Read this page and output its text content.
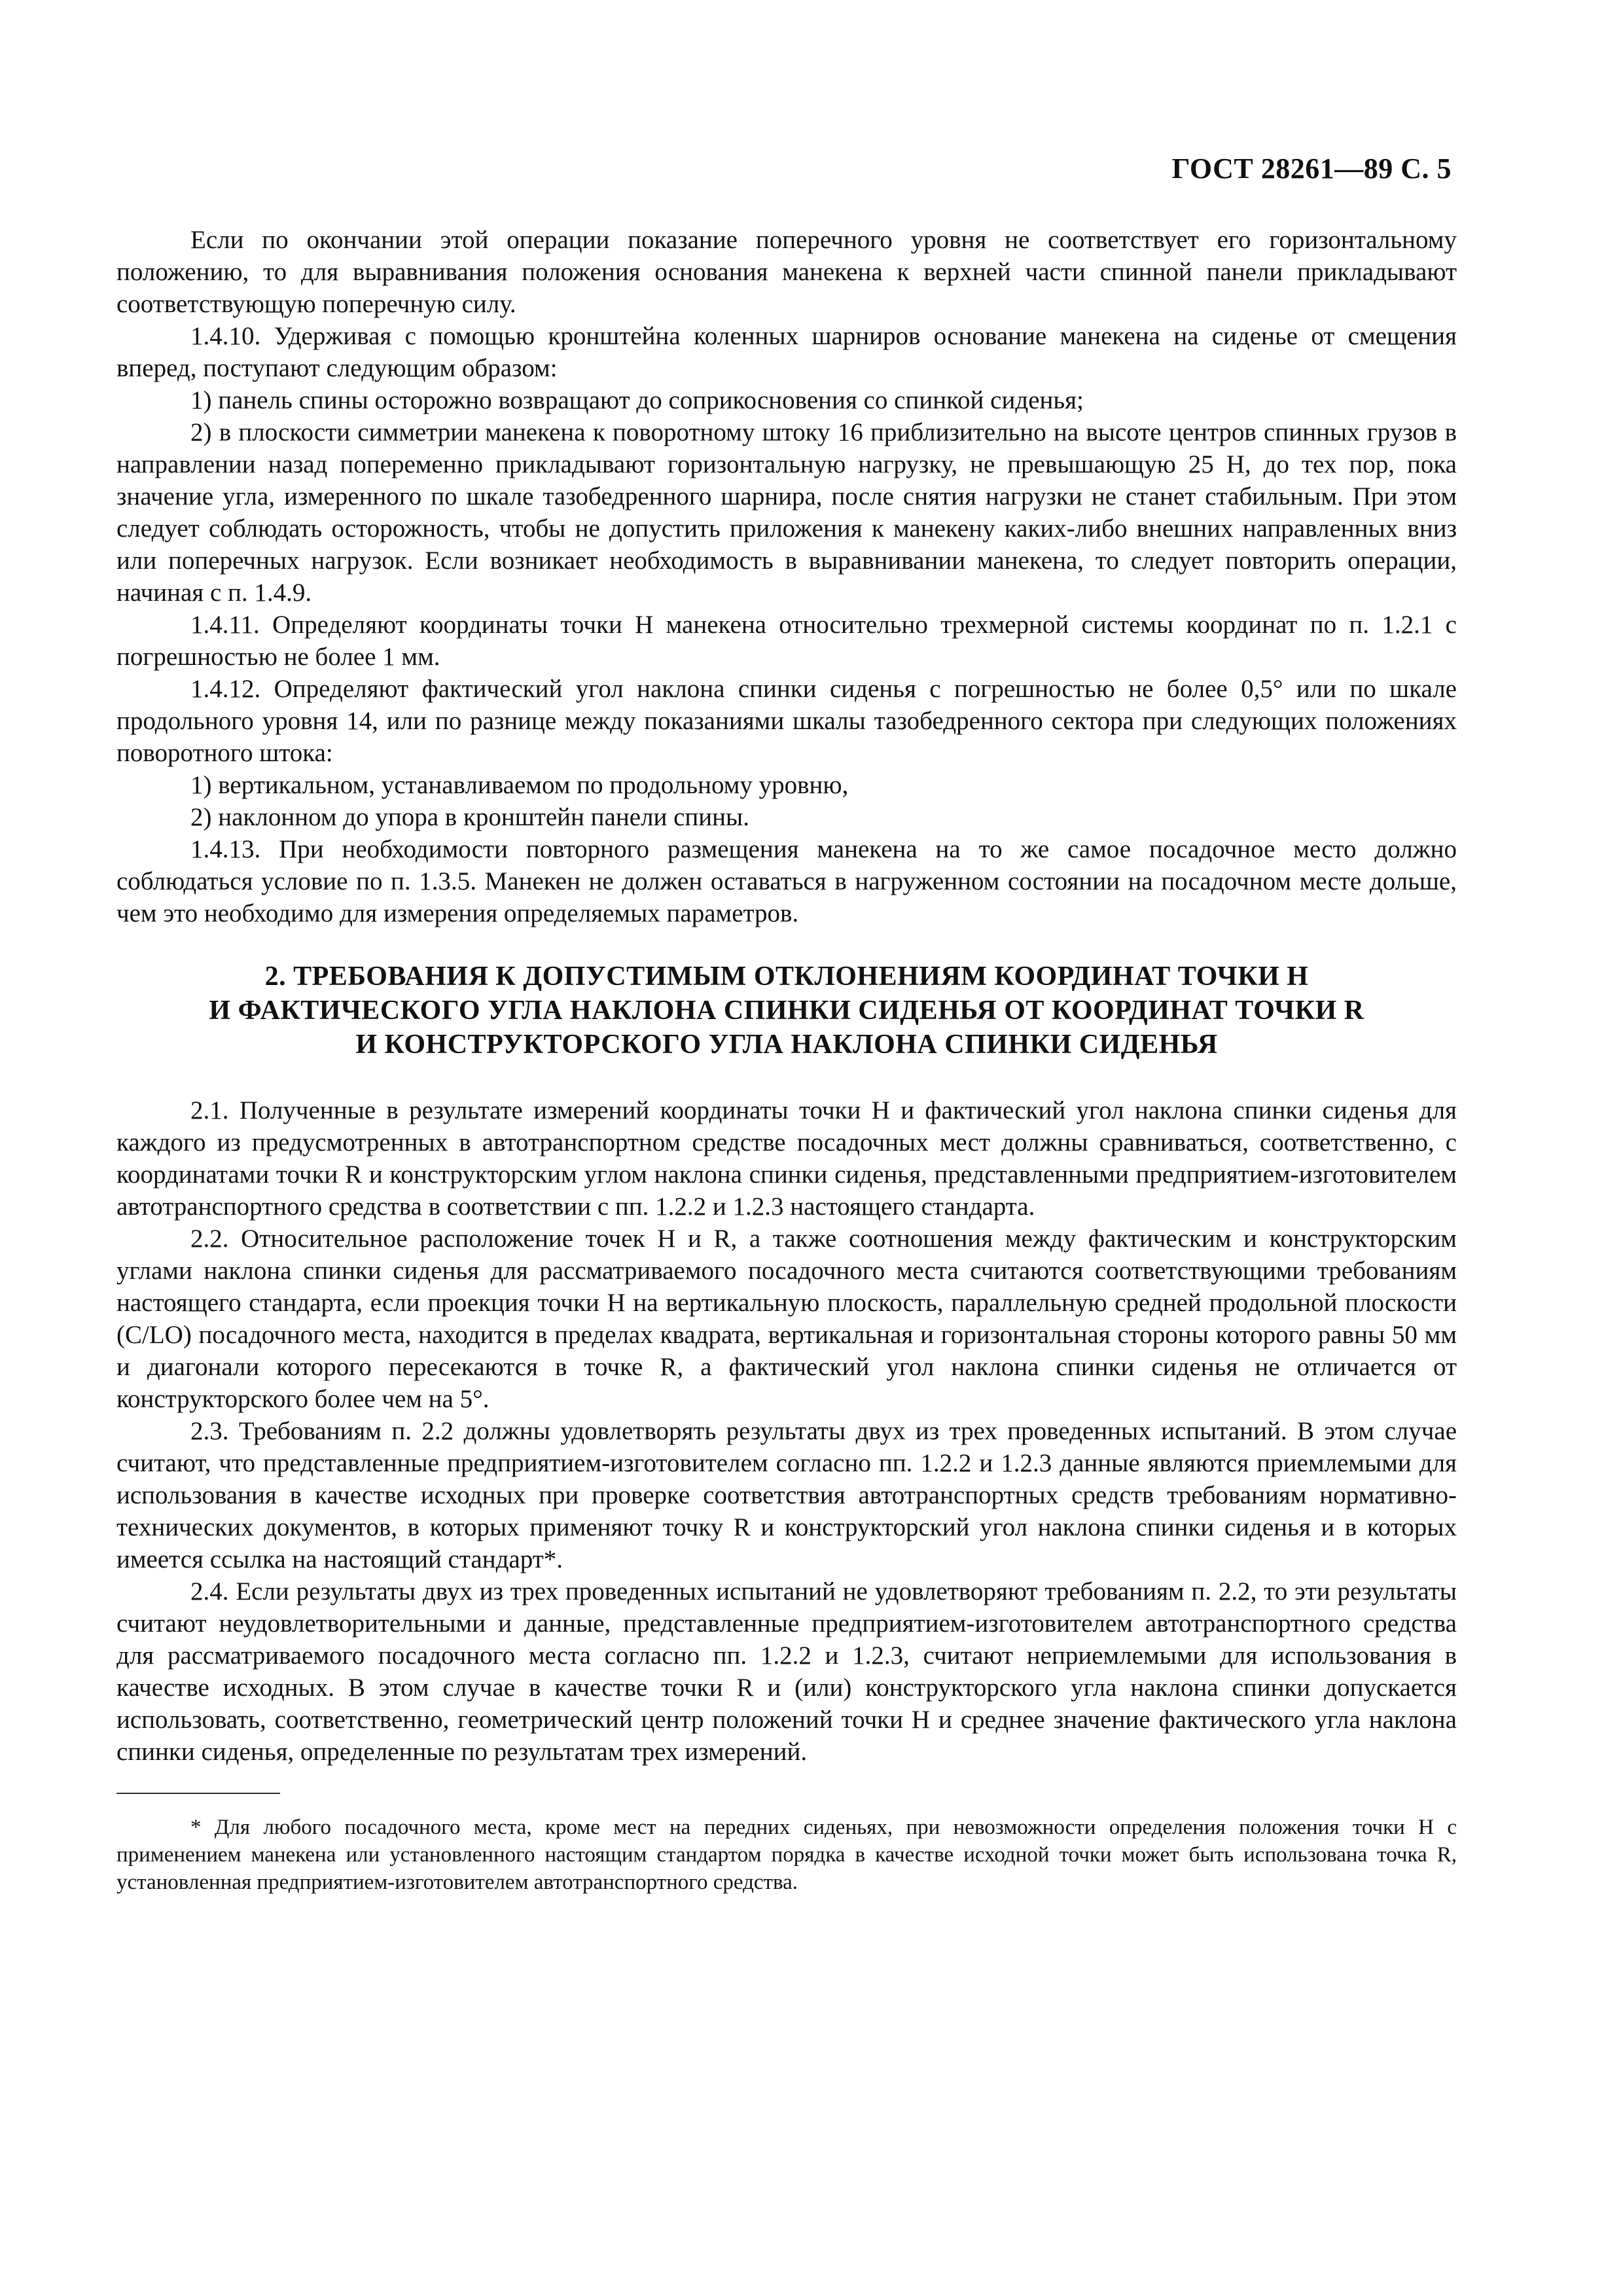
ГОСТ 28261—89 С. 5

Если по окончании этой операции показание поперечного уровня не соответствует его горизонтальному положению, то для выравнивания положения основания манекена к верхней части спинной панели прикладывают соответствующую поперечную силу.

1.4.10. Удерживая с помощью кронштейна коленных шарниров основание манекена на сиденье от смещения вперед, поступают следующим образом:

1) панель спины осторожно возвращают до соприкосновения со спинкой сиденья;

2) в плоскости симметрии манекена к поворотному штоку 16 приблизительно на высоте центров спинных грузов в направлении назад попеременно прикладывают горизонтальную нагрузку, не превышающую 25 Н, до тех пор, пока значение угла, измеренного по шкале тазобедренного шарнира, после снятия нагрузки не станет стабильным. При этом следует соблюдать осторожность, чтобы не допустить приложения к манекену каких-либо внешних направленных вниз или поперечных нагрузок. Если возникает необходимость в выравнивании манекена, то следует повторить операции, начиная с п. 1.4.9.

1.4.11. Определяют координаты точки H манекена относительно трехмерной системы координат по п. 1.2.1 с погрешностью не более 1 мм.

1.4.12. Определяют фактический угол наклона спинки сиденья с погрешностью не более 0,5° или по шкале продольного уровня 14, или по разнице между показаниями шкалы тазобедренного сектора при следующих положениях поворотного штока:

1) вертикальном, устанавливаемом по продольному уровню,

2) наклонном до упора в кронштейн панели спины.

1.4.13. При необходимости повторного размещения манекена на то же самое посадочное место должно соблюдаться условие по п. 1.3.5. Манекен не должен оставаться в нагруженном состоянии на посадочном месте дольше, чем это необходимо для измерения определяемых параметров.

2. ТРЕБОВАНИЯ К ДОПУСТИМЫМ ОТКЛОНЕНИЯМ КООРДИНАТ ТОЧКИ H
И ФАКТИЧЕСКОГО УГЛА НАКЛОНА СПИНКИ СИДЕНЬЯ ОТ КООРДИНАТ ТОЧКИ R
И КОНСТРУКТОРСКОГО УГЛА НАКЛОНА СПИНКИ СИДЕНЬЯ

2.1. Полученные в результате измерений координаты точки H и фактический угол наклона спинки сиденья для каждого из предусмотренных в автотранспортном средстве посадочных мест должны сравниваться, соответственно, с координатами точки R и конструкторским углом наклона спинки сиденья, представленными предприятием-изготовителем автотранспортного средства в соответствии с пп. 1.2.2 и 1.2.3 настоящего стандарта.

2.2. Относительное расположение точек H и R, а также соотношения между фактическим и конструкторским углами наклона спинки сиденья для рассматриваемого посадочного места считаются соответствующими требованиям настоящего стандарта, если проекция точки H на вертикальную плоскость, параллельную средней продольной плоскости (C/LO) посадочного места, находится в пределах квадрата, вертикальная и горизонтальная стороны которого равны 50 мм и диагонали которого пересекаются в точке R, а фактический угол наклона спинки сиденья не отличается от конструкторского более чем на 5°.

2.3. Требованиям п. 2.2 должны удовлетворять результаты двух из трех проведенных испытаний. В этом случае считают, что представленные предприятием-изготовителем согласно пп. 1.2.2 и 1.2.3 данные являются приемлемыми для использования в качестве исходных при проверке соответствия автотранспортных средств требованиям нормативно-технических документов, в которых применяют точку R и конструкторский угол наклона спинки сиденья и в которых имеется ссылка на настоящий стандарт*.

2.4. Если результаты двух из трех проведенных испытаний не удовлетворяют требованиям п. 2.2, то эти результаты считают неудовлетворительными и данные, представленные предприятием-изготовителем автотранспортного средства для рассматриваемого посадочного места согласно пп. 1.2.2 и 1.2.3, считают неприемлемыми для использования в качестве исходных. В этом случае в качестве точки R и (или) конструкторского угла наклона спинки допускается использовать, соответственно, геометрический центр положений точки H и среднее значение фактического угла наклона спинки сиденья, определенные по результатам трех измерений.

* Для любого посадочного места, кроме мест на передних сиденьях, при невозможности определения положения точки H с применением манекена или установленного настоящим стандартом порядка в качестве исходной точки может быть использована точка R, установленная предприятием-изготовителем автотранспортного средства.
